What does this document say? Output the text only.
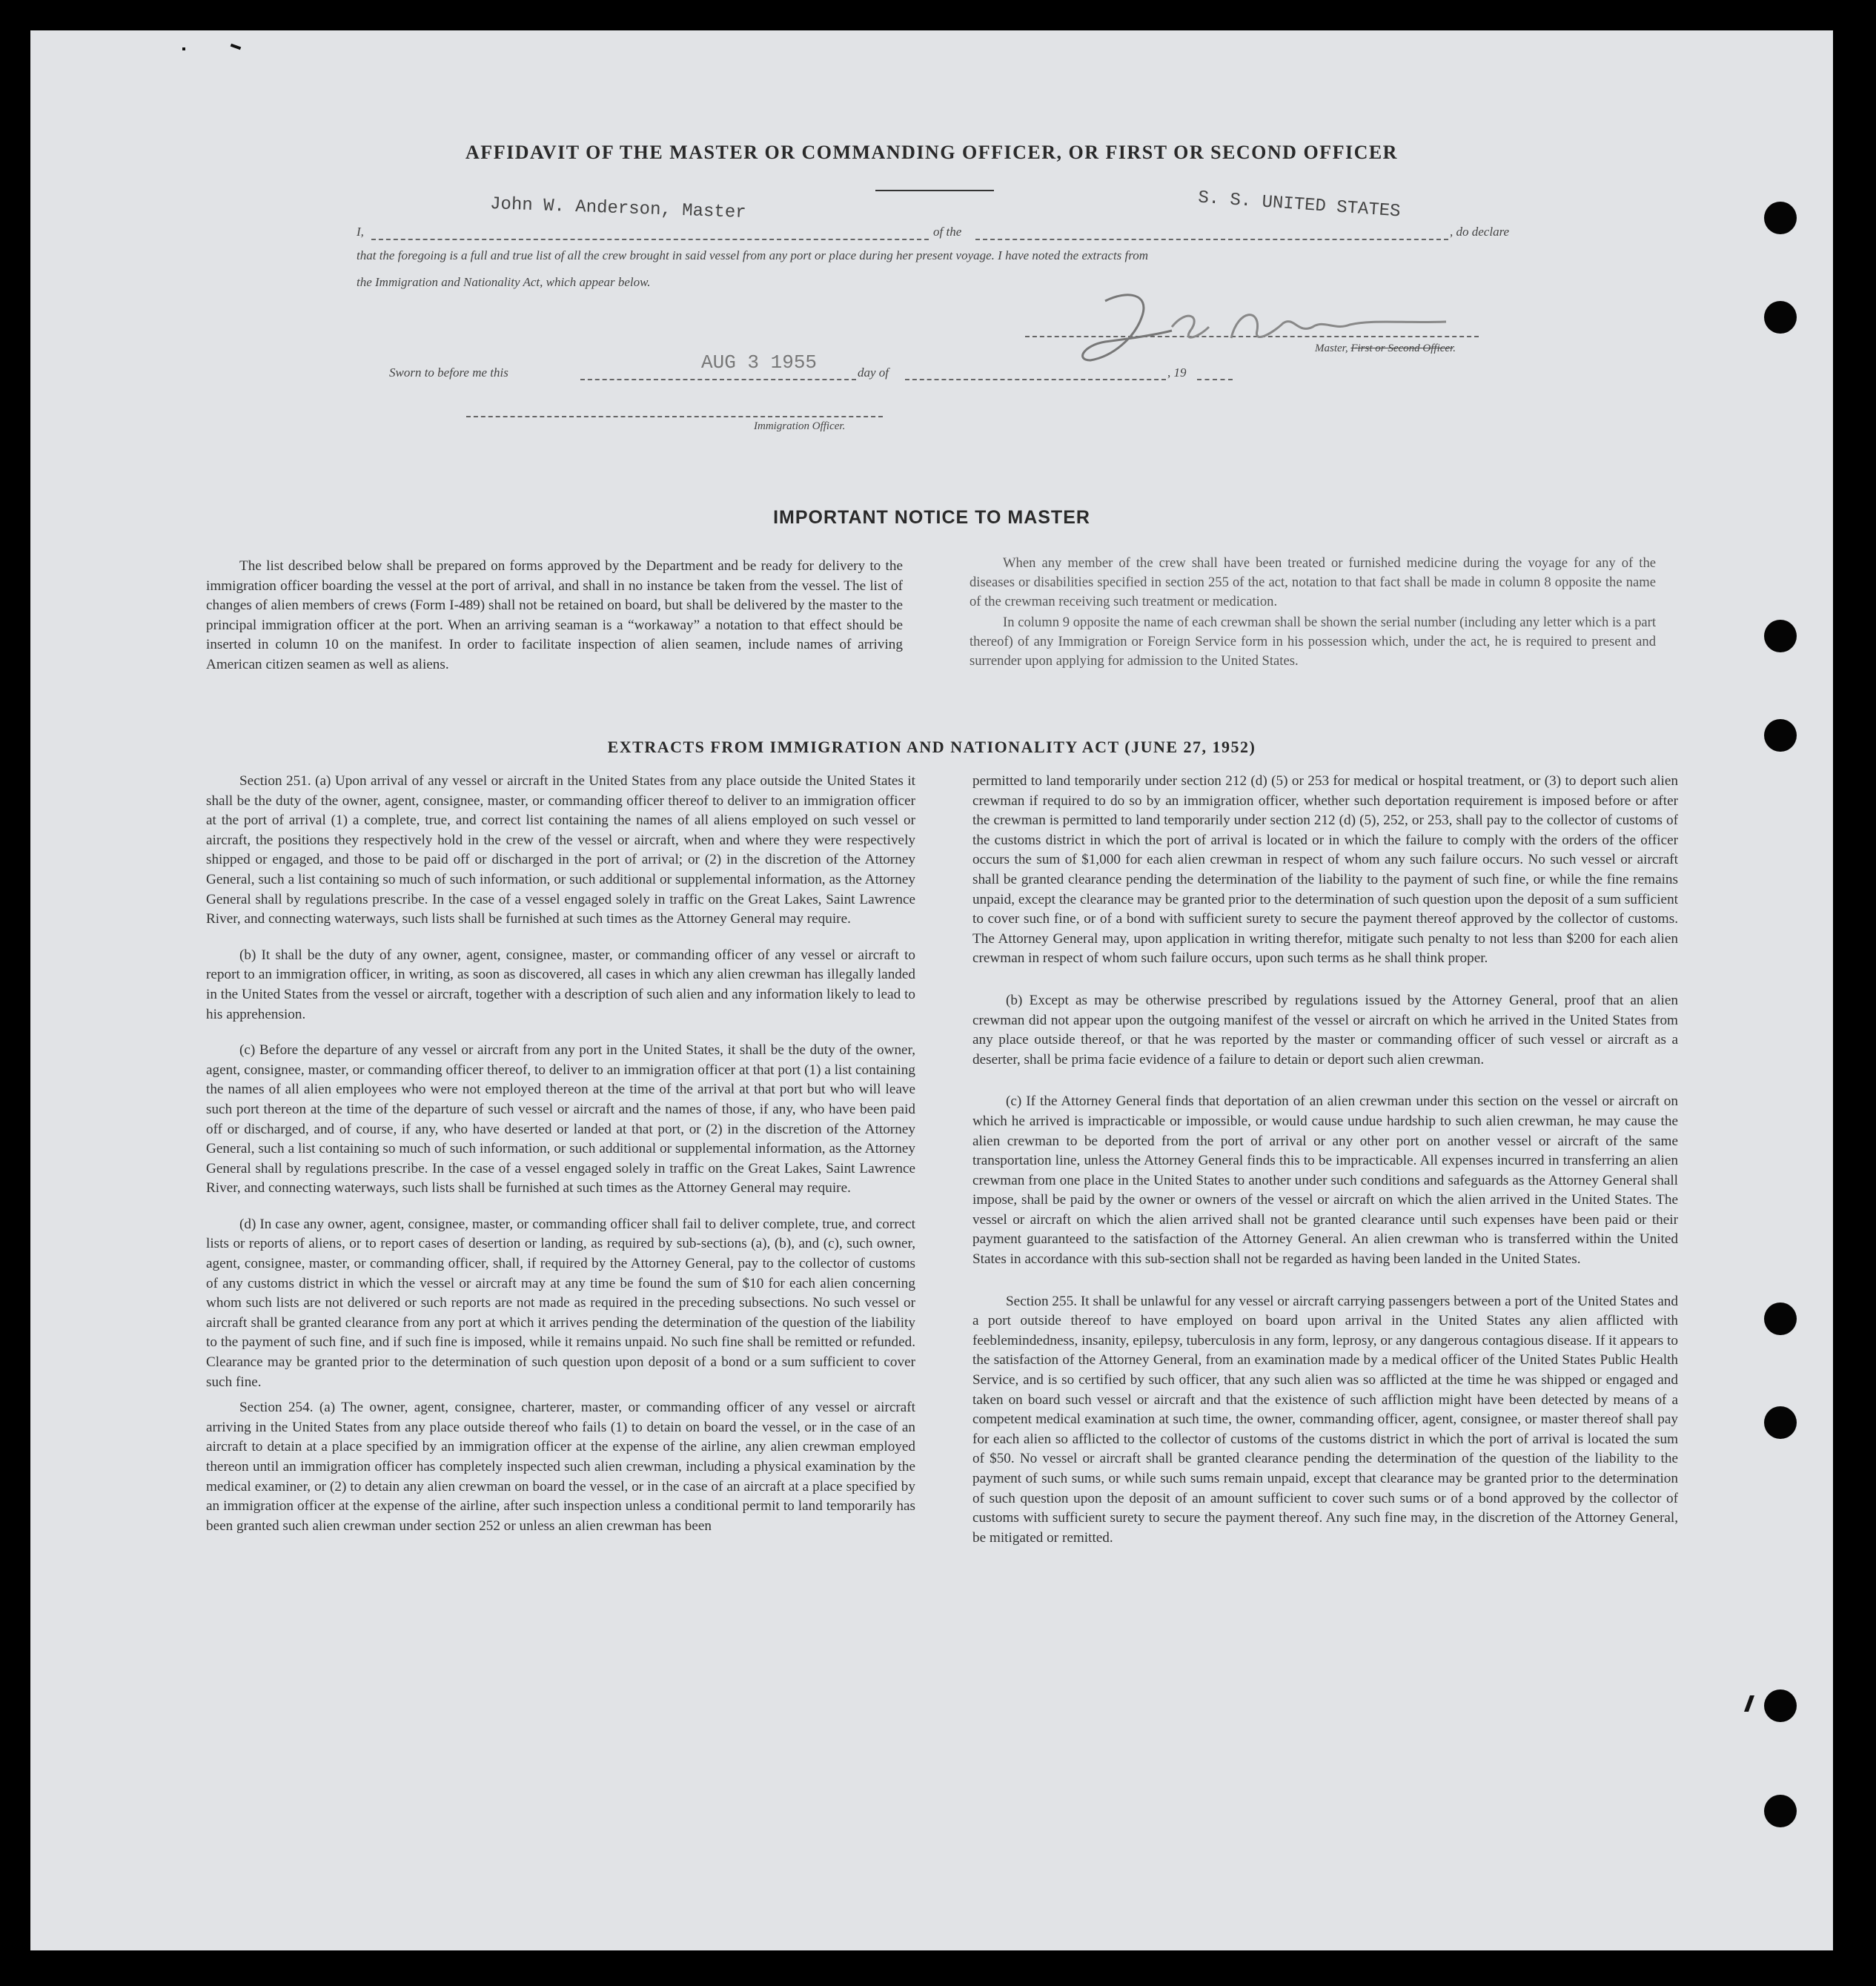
AFFIDAVIT OF THE MASTER OR COMMANDING OFFICER, OR FIRST OR SECOND OFFICER
I,
John W. Anderson, Master
of the
S. S. UNITED STATES
, do declare
that the foregoing is a full and true list of all the crew brought in said vessel from any port or place during her present voyage. I have noted the extracts from
the Immigration and Nationality Act, which appear below.
Master, First or Second Officer.
Sworn to before me this	AUG 3 1955	day of	, 19
Immigration Officer.
IMPORTANT NOTICE TO MASTER

The list described below shall be prepared on forms approved by the Department and be ready for delivery to the immigration officer boarding the vessel at the port of arrival, and shall in no instance be taken from the vessel. The list of changes of alien members of crews (Form I-489) shall not be retained on board, but shall be delivered by the master to the principal immigration officer at the port. When an arriving seaman is a “workaway” a notation to that effect should be inserted in column 10 on the manifest. In order to facilitate inspection of alien seamen, include names of arriving American citizen seamen as well as aliens.

When any member of the crew shall have been treated or furnished medicine during the voyage for any of the diseases or disabilities specified in section 255 of the act, notation to that fact shall be made in column 8 opposite the name of the crewman receiving such treatment or medication.

In column 9 opposite the name of each crewman shall be shown the serial number (including any letter which is a part thereof) of any Immigration or Foreign Service form in his possession which, under the act, he is required to present and surrender upon applying for admission to the United States.

EXTRACTS FROM IMMIGRATION AND NATIONALITY ACT (JUNE 27, 1952)

Section 251. (a) Upon arrival of any vessel or aircraft in the United States from any place outside the United States it shall be the duty of the owner, agent, consignee, master, or commanding officer thereof to deliver to an immigration officer at the port of arrival (1) a complete, true, and correct list containing the names of all aliens employed on such vessel or aircraft, the positions they respectively hold in the crew of the vessel or aircraft, when and where they were respectively shipped or engaged, and those to be paid off or discharged in the port of arrival; or (2) in the discretion of the Attorney General, such a list containing so much of such information, or such additional or supplemental information, as the Attorney General shall by regulations prescribe. In the case of a vessel engaged solely in traffic on the Great Lakes, Saint Lawrence River, and connecting waterways, such lists shall be furnished at such times as the Attorney General may require.

(b) It shall be the duty of any owner, agent, consignee, master, or commanding officer of any vessel or aircraft to report to an immigration officer, in writing, as soon as discovered, all cases in which any alien crewman has illegally landed in the United States from the vessel or aircraft, together with a description of such alien and any information likely to lead to his apprehension.

(c) Before the departure of any vessel or aircraft from any port in the United States, it shall be the duty of the owner, agent, consignee, master, or commanding officer thereof, to deliver to an immigration officer at that port (1) a list containing the names of all alien employees who were not employed thereon at the time of the arrival at that port but who will leave such port thereon at the time of the departure of such vessel or aircraft and the names of those, if any, who have been paid off or discharged, and of course, if any, who have deserted or landed at that port, or (2) in the discretion of the Attorney General, such a list containing so much of such information, or such additional or supplemental information, as the Attorney General shall by regulations prescribe. In the case of a vessel engaged solely in traffic on the Great Lakes, Saint Lawrence River, and connecting waterways, such lists shall be furnished at such times as the Attorney General may require.

(d) In case any owner, agent, consignee, master, or commanding officer shall fail to deliver complete, true, and correct lists or reports of aliens, or to report cases of desertion or landing, as required by sub-sections (a), (b), and (c), such owner, agent, consignee, master, or commanding officer, shall, if required by the Attorney General, pay to the collector of customs of any customs district in which the vessel or aircraft may at any time be found the sum of $10 for each alien concerning whom such lists are not delivered or such reports are not made as required in the preceding subsections. No such vessel or aircraft shall be granted clearance from any port at which it arrives pending the determination of the question of the liability to the payment of such fine, and if such fine is imposed, while it remains unpaid. No such fine shall be remitted or refunded. Clearance may be granted prior to the determination of such question upon deposit of a bond or a sum sufficient to cover such fine.

Section 254. (a) The owner, agent, consignee, charterer, master, or commanding officer of any vessel or aircraft arriving in the United States from any place outside thereof who fails (1) to detain on board the vessel, or in the case of an aircraft to detain at a place specified by an immigration officer at the expense of the airline, any alien crewman employed thereon until an immigration officer has completely inspected such alien crewman, including a physical examination by the medical examiner, or (2) to detain any alien crewman on board the vessel, or in the case of an aircraft at a place specified by an immigration officer at the expense of the airline, after such inspection unless a conditional permit to land temporarily has been granted such alien crewman under section 252 or unless an alien crewman has been

permitted to land temporarily under section 212 (d) (5) or 253 for medical or hospital treatment, or (3) to deport such alien crewman if required to do so by an immigration officer, whether such deportation requirement is imposed before or after the crewman is permitted to land temporarily under section 212 (d) (5), 252, or 253, shall pay to the collector of customs of the customs district in which the port of arrival is located or in which the failure to comply with the orders of the officer occurs the sum of $1,000 for each alien crewman in respect of whom any such failure occurs. No such vessel or aircraft shall be granted clearance pending the determination of the liability to the payment of such fine, or while the fine remains unpaid, except the clearance may be granted prior to the determination of such question upon the deposit of a sum sufficient to cover such fine, or of a bond with sufficient surety to secure the payment thereof approved by the collector of customs. The Attorney General may, upon application in writing therefor, mitigate such penalty to not less than $200 for each alien crewman in respect of whom such failure occurs, upon such terms as he shall think proper.

(b) Except as may be otherwise prescribed by regulations issued by the Attorney General, proof that an alien crewman did not appear upon the outgoing manifest of the vessel or aircraft on which he arrived in the United States from any place outside thereof, or that he was reported by the master or commanding officer of such vessel or aircraft as a deserter, shall be prima facie evidence of a failure to detain or deport such alien crewman.

(c) If the Attorney General finds that deportation of an alien crewman under this section on the vessel or aircraft on which he arrived is impracticable or impossible, or would cause undue hardship to such alien crewman, he may cause the alien crewman to be deported from the port of arrival or any other port on another vessel or aircraft of the same transportation line, unless the Attorney General finds this to be impracticable. All expenses incurred in transferring an alien crewman from one place in the United States to another under such conditions and safeguards as the Attorney General shall impose, shall be paid by the owner or owners of the vessel or aircraft on which the alien arrived in the United States. The vessel or aircraft on which the alien arrived shall not be granted clearance until such expenses have been paid or their payment guaranteed to the satisfaction of the Attorney General. An alien crewman who is transferred within the United States in accordance with this sub-section shall not be regarded as having been landed in the United States.

Section 255. It shall be unlawful for any vessel or aircraft carrying passengers between a port of the United States and a port outside thereof to have employed on board upon arrival in the United States any alien afflicted with feeblemindedness, insanity, epilepsy, tuberculosis in any form, leprosy, or any dangerous contagious disease. If it appears to the satisfaction of the Attorney General, from an examination made by a medical officer of the United States Public Health Service, and is so certified by such officer, that any such alien was so afflicted at the time he was shipped or engaged and taken on board such vessel or aircraft and that the existence of such affliction might have been detected by means of a competent medical examination at such time, the owner, commanding officer, agent, consignee, or master thereof shall pay for each alien so afflicted to the collector of customs of the customs district in which the port of arrival is located the sum of $50. No vessel or aircraft shall be granted clearance pending the determination of the question of the liability to the payment of such sums, or while such sums remain unpaid, except that clearance may be granted prior to the determination of such question upon the deposit of an amount sufficient to cover such sums or of a bond approved by the collector of customs with sufficient surety to secure the payment thereof. Any such fine may, in the discretion of the Attorney General, be mitigated or remitted.
